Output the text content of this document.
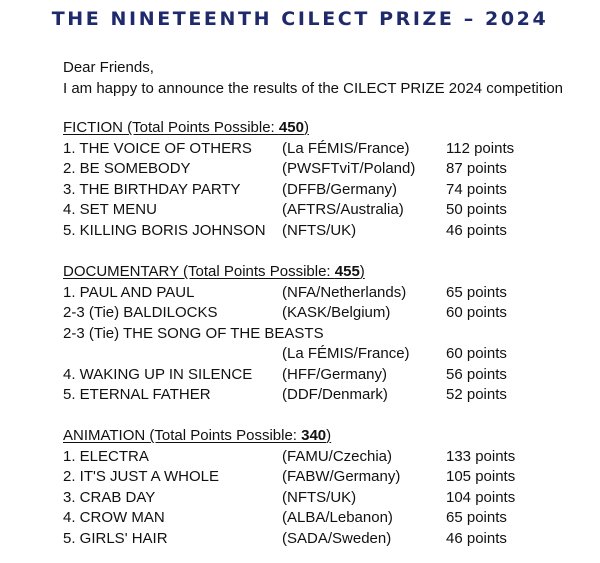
THE NINETEENTH CILECT PRIZE – 2024
Dear Friends,
I am happy to announce the results of the CILECT PRIZE 2024 competition
FICTION (Total Points Possible: 450)
1. THE VOICE OF OTHERS (La FÉMIS/France) 112 points
2. BE SOMEBODY	(PWSFTviT/Poland) 87 points
3. THE BIRTHDAY PARTY	(DFFB/Germany)	74 points
4. SET MENU	(AFTRS/Australia)	50 points
5. KILLING BORIS JOHNSON (NFTS/UK)	46 points
DOCUMENTARY (Total Points Possible: 455)
1. PAUL AND PAUL	(NFA/Netherlands)	65 points
2-3 (Tie) BALDILOCKS	(KASK/Belgium)	60 points
2-3 (Tie) THE SONG OF THE BEASTS
(La FÉMIS/France) 60 points
4. WAKING UP IN SILENCE (HFF/Germany)	56 points
5. ETERNAL FATHER	(DDF/Denmark)	52 points
ANIMATION (Total Points Possible: 340)
1. ELECTRA	(FAMU/Czechia)	133 points
2. IT'S JUST A WHOLE	(FABW/Germany)	105 points
3. CRAB DAY	(NFTS/UK)	104 points
4. CROW MAN	(ALBA/Lebanon)	65 points
5. GIRLS' HAIR	(SADA/Sweden)	46 points
